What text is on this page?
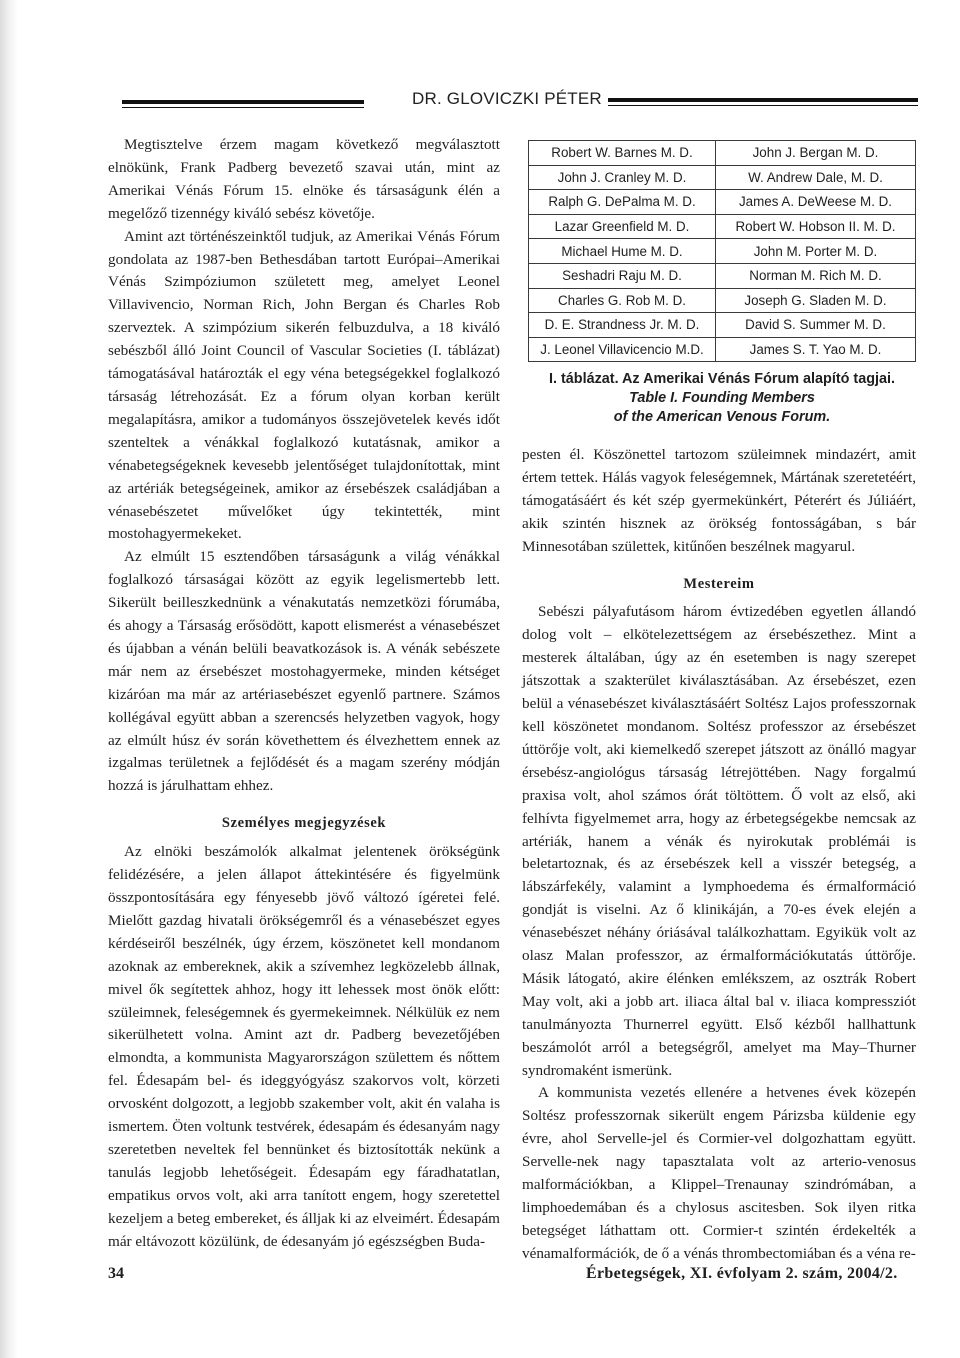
DR. GLOVICZKI PÉTER

Megtisztelve érzem magam következő megválasztott elnökünk, Frank Padberg bevezető szavai után, mint az Amerikai Vénás Fórum 15. elnöke és társaságunk élén a megelőző tizennégy kiváló sebész követője.

Amint azt történészeinktől tudjuk, az Amerikai Vénás Fórum gondolata az 1987-ben Bethesdában tartott Európai–Amerikai Vénás Szimpóziumon született meg, amelyet Leonel Villavivencio, Norman Rich, John Bergan és Charles Rob szerveztek. A szimpózium sikerén felbuzdulva, a 18 kiváló sebészből álló Joint Council of Vascular Societies (I. táblázat) támogatásával határozták el egy véna betegségekkel foglalkozó társaság létrehozását. Ez a fórum olyan korban került megalapításra, amikor a tudományos összejövetelek kevés időt szenteltek a vénákkal foglalkozó kutatásnak, amikor a vénabetegségeknek kevesebb jelentőséget tulajdonítottak, mint az artériák betegségeinek, amikor az érsebészek családjában a vénasebészetet művelőket úgy tekintették, mint mostohagyermekeket.

Az elmúlt 15 esztendőben társaságunk a világ vénákkal foglalkozó társaságai között az egyik legelismertebb lett. Sikerült beilleszkednünk a vénakutatás nemzetközi fórumába, és ahogy a Társaság erősödött, kapott elismerést a vénasebészet és újabban a vénán belüli beavatkozások is. A vénák sebészete már nem az érsebészet mostohagyermeke, minden kétséget kizáróan ma már az artériasebészet egyenlő partnere. Számos kollégával együtt abban a szerencsés helyzetben vagyok, hogy az elmúlt húsz év során követhettem és élvezhettem ennek az izgalmas területnek a fejlődését és a magam szerény módján hozzá is járulhattam ehhez.

Személyes megjegyzések

Az elnöki beszámolók alkalmat jelentenek örökségünk felidézésére, a jelen állapot áttekintésére és figyelmünk összpontosítására egy fényesebb jövő változó ígéretei felé. Mielőtt gazdag hivatali örökségemről és a vénasebészet egyes kérdéseiről beszélnék, úgy érzem, köszönetet kell mondanom azoknak az embereknek, akik a szívemhez legközelebb állnak, mivel ők segítettek ahhoz, hogy itt lehessek most önök előtt: szüleimnek, feleségemnek és gyermekeimnek. Nélkülük ez nem sikerülhetett volna. Amint azt dr. Padberg bevezetőjében elmondta, a kommunista Magyarországon születtem és nőttem fel. Édesapám bel- és ideggyógyász szakorvos volt, körzeti orvosként dolgozott, a legjobb szakember volt, akit én valaha is ismertem. Öten voltunk testvérek, édesapám és édesanyám nagy szeretetben neveltek fel bennünket és biztosították nekünk a tanulás legjobb lehetőségeit. Édesapám egy fáradhatatlan, empatikus orvos volt, aki arra tanított engem, hogy szeretettel kezeljem a beteg embereket, és álljak ki az elveimért. Édesapám már eltávozott közülünk, de édesanyám jó egészségben Buda-

Robert W. Barnes M. D.	John J. Bergan M. D.
John J. Cranley M. D.	W. Andrew Dale, M. D.
Ralph G. DePalma M. D.	James A. DeWeese M. D.
Lazar Greenfield M. D.	Robert W. Hobson II. M. D.
Michael Hume M. D.	John M. Porter M. D.
Seshadri Raju M. D.	Norman M. Rich M. D.
Charles G. Rob M. D.	Joseph G. Sladen M. D.
D. E. Strandness Jr. M. D.	David S. Summer M. D.
J. Leonel Villavicencio M.D.	James S. T. Yao M. D.
I. táblázat. Az Amerikai Vénás Fórum alapító tagjai.
Table I. Founding Members
of the American Venous Forum.

pesten él. Köszönettel tartozom szüleimnek mindazért, amit értem tettek. Hálás vagyok feleségemnek, Mártának szeretetéért, támogatásáért és két szép gyermekünkért, Péterért és Júliáért, akik szintén hisznek az örökség fontosságában, s bár Minnesotában születtek, kitűnően beszélnek magyarul.

Mestereim

Sebészi pályafutásom három évtizedében egyetlen állandó dolog volt – elkötelezettségem az érsebészethez. Mint a mesterek általában, úgy az én esetemben is nagy szerepet játszottak a szakterület kiválasztásában. Az érsebészet, ezen belül a vénasebészet kiválasztásáért Soltész Lajos professzornak kell köszönetet mondanom. Soltész professzor az érsebészet úttörője volt, aki kiemelkedő szerepet játszott az önálló magyar érsebész-angiológus társaság létrejöttében. Nagy forgalmú praxisa volt, ahol számos órát töltöttem. Ő volt az első, aki felhívta figyelmemet arra, hogy az érbetegségekbe nemcsak az artériák, hanem a vénák és nyirokutak problémái is beletartoznak, és az érsebészek kell a visszér betegség, a lábszárfekély, valamint a lymphoedema és érmalformáció gondját is viselni. Az ő klinikáján, a 70-es évek elején a vénasebészet néhány óriásával találkozhattam. Egyikük volt az olasz Malan professzor, az érmalformációkutatás úttörője. Másik látogató, akire élénken emlékszem, az osztrák Robert May volt, aki a jobb art. iliaca által bal v. iliaca kompressziót tanulmányozta Thurnerrel együtt. Első kézből hallhattunk beszámolót arról a betegségről, amelyet ma May–Thurner syndromaként ismerünk.

A kommunista vezetés ellenére a hetvenes évek közepén Soltész professzornak sikerült engem Párizsba küldenie egy évre, ahol Servelle-jel és Cormier-vel dolgozhattam együtt. Servelle-nek nagy tapasztalata volt az arterio-venosus malformációkban, a Klippel–Trenaunay szindrómában, a limphoedemában és a chylosus ascitesben. Sok ilyen ritka betegséget láthattam ott. Cormier-t szintén érdekelték a vénamalformációk, de ő a vénás thrombectomiában és a véna re-

34	Érbetegségek, XI. évfolyam 2. szám, 2004/2.
